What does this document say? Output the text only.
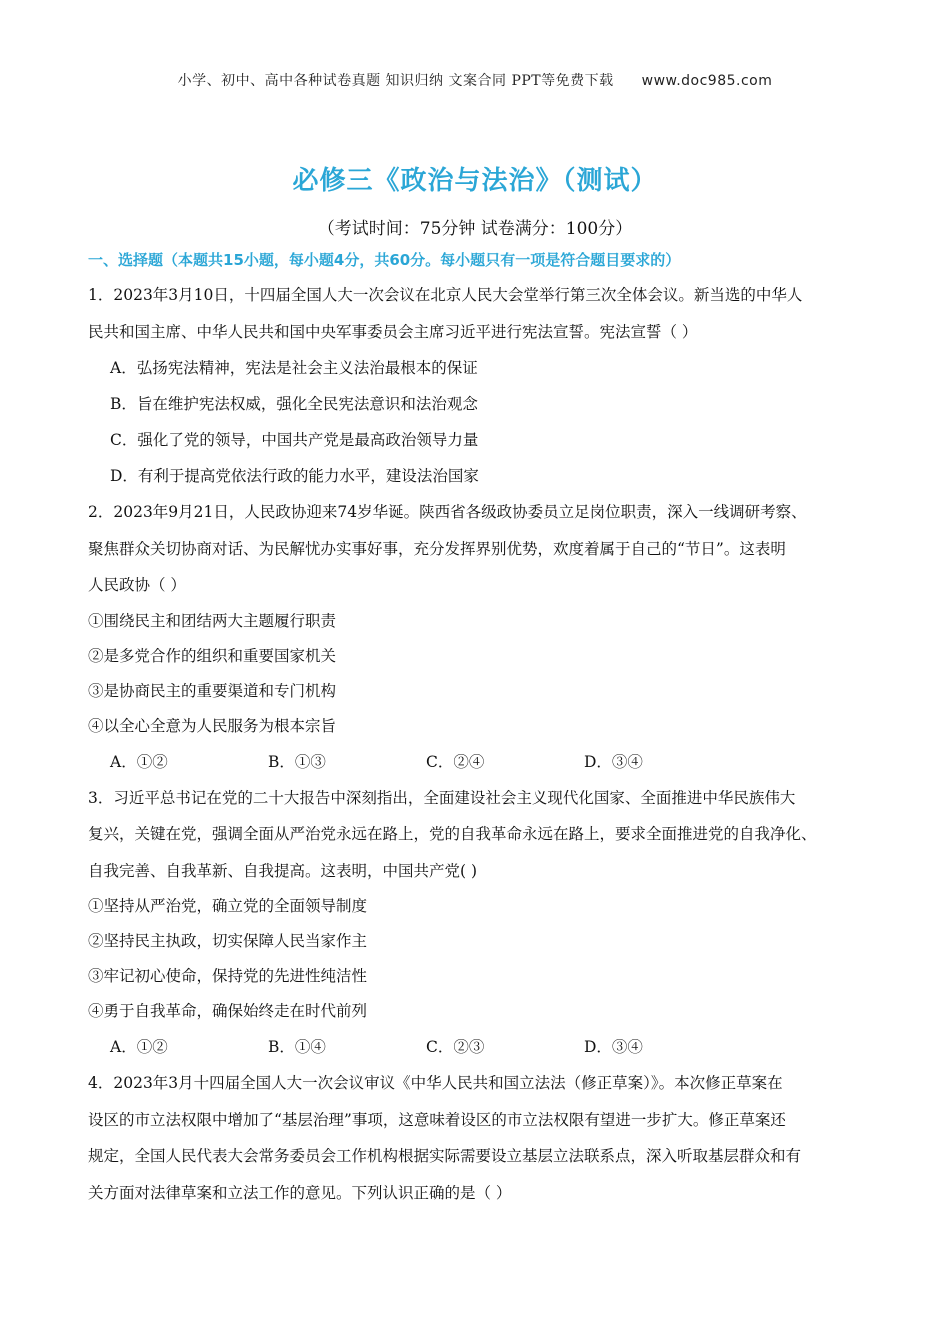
小学、初中、高中各种试卷真题 知识归纳 文案合同 PPT等免费下载 www.doc985.com
必修三《政治与法治》（测试）
（考试时间：75分钟 试卷满分：100分）
一、选择题（本题共15小题，每小题4分，共60分。每小题只有一项是符合题目要求的）

1．2023年3月10日，十四届全国人大一次会议在北京人民大会堂举行第三次全体会议。新当选的中华人

民共和国主席、中华人民共和国中央军事委员会主席习近平进行宪法宣誓。宪法宣誓（ ）

A．弘扬宪法精神，宪法是社会主义法治最根本的保证

B．旨在维护宪法权威，强化全民宪法意识和法治观念

C．强化了党的领导，中国共产党是最高政治领导力量

D．有利于提高党依法行政的能力水平，建设法治国家

2．2023年9月21日，人民政协迎来74岁华诞。陕西省各级政协委员立足岗位职责，深入一线调研考察、

聚焦群众关切协商对话、为民解忧办实事好事，充分发挥界别优势，欢度着属于自己的“节日”。这表明

人民政协（ ）

①围绕民主和团结两大主题履行职责

②是多党合作的组织和重要国家机关

③是协商民主的重要渠道和专门机构

④以全心全意为人民服务为根本宗旨

A．①②	B．①③	C．②④	D．③④

3．习近平总书记在党的二十大报告中深刻指出，全面建设社会主义现代化国家、全面推进中华民族伟大

复兴，关键在党，强调全面从严治党永远在路上，党的自我革命永远在路上，要求全面推进党的自我净化、

自我完善、自我革新、自我提高。这表明，中国共产党( )

①坚持从严治党，确立党的全面领导制度

②坚持民主执政，切实保障人民当家作主

③牢记初心使命，保持党的先进性纯洁性

④勇于自我革命，确保始终走在时代前列

A．①②	B．①④	C．②③	D．③④

4．2023年3月十四届全国人大一次会议审议《中华人民共和国立法法（修正草案）》。本次修正草案在

设区的市立法权限中增加了“基层治理”事项，这意味着设区的市立法权限有望进一步扩大。修正草案还

规定，全国人民代表大会常务委员会工作机构根据实际需要设立基层立法联系点，深入听取基层群众和有

关方面对法律草案和立法工作的意见。下列认识正确的是（ ）
